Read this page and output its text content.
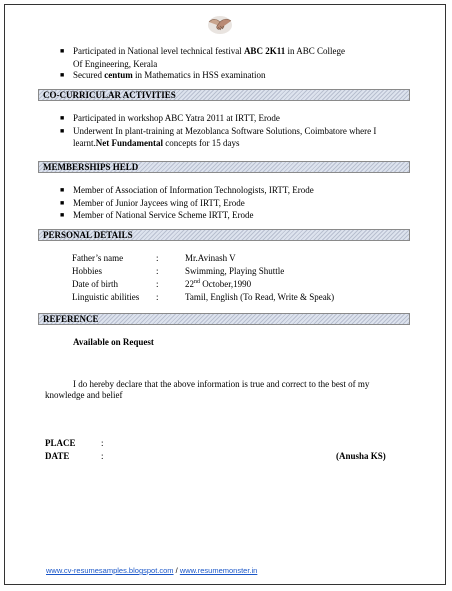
■ Participated in National level technical festival ABC 2K11 in ABC College
Of Engineering, Kerala
■ Secured centum in Mathematics in HSS examination
CO-CURRICULAR ACTIVITIES
■ Participated in workshop ABC Yatra 2011 at IRTT, Erode
■ Underwent In plant-training at Mezoblanca Software Solutions, Coimbatore where I
learnt.Net Fundamental concepts for 15 days
MEMBERSHIPS HELD
■ Member of Association of Information Technologists, IRTT, Erode
■ Member of Junior Jaycees wing of IRTT, Erode
■ Member of National Service Scheme IRTT, Erode
PERSONAL DETAILS
Father’s name	:	Mr.Avinash V
Hobbies	:	Swimming, Playing Shuttle
Date of birth	:	22nd October,1990
Linguistic abilities :	Tamil, English (To Read, Write & Speak)
REFERENCE
Available on Request
I do hereby declare that the above information is true and correct to the best of my
knowledge and belief
PLACE	:
DATE	:	(Anusha KS)
www.cv-resumesamples.blogspot.com / www.resumemonster.in
